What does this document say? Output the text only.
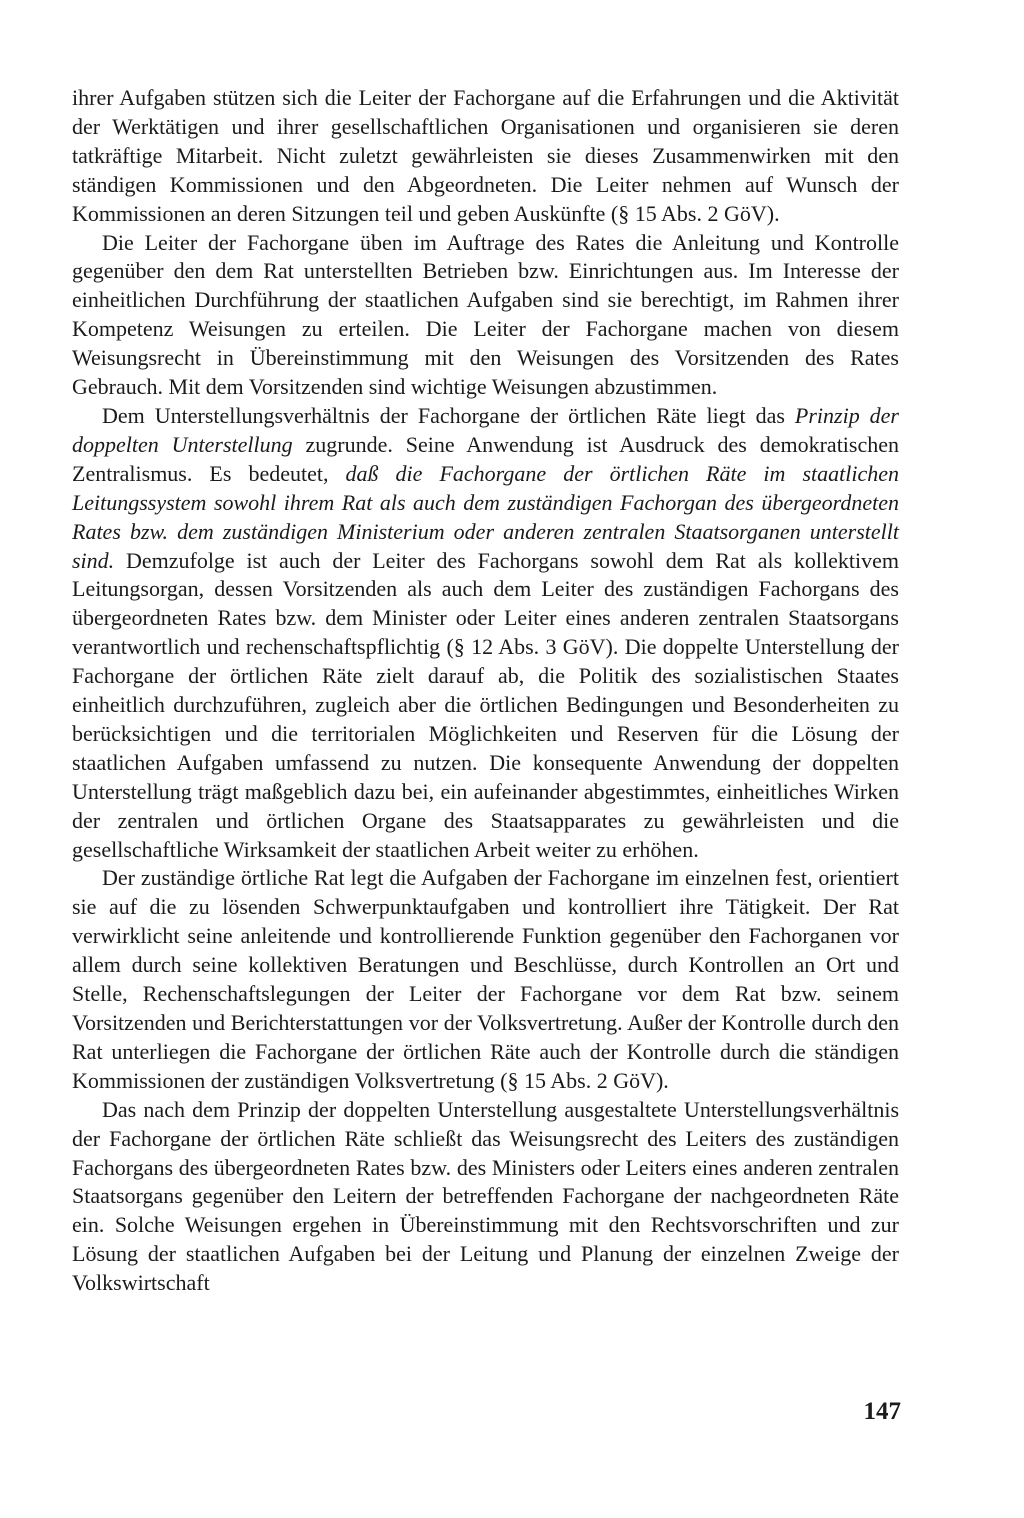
ihrer Aufgaben stützen sich die Leiter der Fachorgane auf die Erfahrungen und die Aktivität der Werktätigen und ihrer gesellschaftlichen Organisationen und organisieren sie deren tatkräftige Mitarbeit. Nicht zuletzt gewährleisten sie dieses Zusammenwirken mit den ständigen Kommissionen und den Abgeordneten. Die Leiter nehmen auf Wunsch der Kommissionen an deren Sitzungen teil und geben Auskünfte (§ 15 Abs. 2 GöV).

Die Leiter der Fachorgane üben im Auftrage des Rates die Anleitung und Kontrolle gegenüber den dem Rat unterstellten Betrieben bzw. Einrichtungen aus. Im Interesse der einheitlichen Durchführung der staatlichen Aufgaben sind sie berechtigt, im Rahmen ihrer Kompetenz Weisungen zu erteilen. Die Leiter der Fachorgane machen von diesem Weisungsrecht in Übereinstimmung mit den Weisungen des Vorsitzenden des Rates Gebrauch. Mit dem Vorsitzenden sind wichtige Weisungen abzustimmen.

Dem Unterstellungsverhältnis der Fachorgane der örtlichen Räte liegt das Prinzip der doppelten Unterstellung zugrunde. Seine Anwendung ist Ausdruck des demokratischen Zentralismus. Es bedeutet, daß die Fachorgane der örtlichen Räte im staatlichen Leitungssystem sowohl ihrem Rat als auch dem zuständigen Fachorgan des übergeordneten Rates bzw. dem zuständigen Ministerium oder anderen zentralen Staatsorganen unterstellt sind. Demzufolge ist auch der Leiter des Fachorgans sowohl dem Rat als kollektivem Leitungsorgan, dessen Vorsitzenden als auch dem Leiter des zuständigen Fachorgans des übergeordneten Rates bzw. dem Minister oder Leiter eines anderen zentralen Staatsorgans verantwortlich und rechenschaftspflichtig (§ 12 Abs. 3 GöV). Die doppelte Unterstellung der Fachorgane der örtlichen Räte zielt darauf ab, die Politik des sozialistischen Staates einheitlich durchzuführen, zugleich aber die örtlichen Bedingungen und Besonderheiten zu berücksichtigen und die territorialen Möglichkeiten und Reserven für die Lösung der staatlichen Aufgaben umfassend zu nutzen. Die konsequente Anwendung der doppelten Unterstellung trägt maßgeblich dazu bei, ein aufeinander abgestimmtes, einheitliches Wirken der zentralen und örtlichen Organe des Staatsapparates zu gewährleisten und die gesellschaftliche Wirksamkeit der staatlichen Arbeit weiter zu erhöhen.

Der zuständige örtliche Rat legt die Aufgaben der Fachorgane im einzelnen fest, orientiert sie auf die zu lösenden Schwerpunktaufgaben und kontrolliert ihre Tätigkeit. Der Rat verwirklicht seine anleitende und kontrollierende Funktion gegenüber den Fachorganen vor allem durch seine kollektiven Beratungen und Beschlüsse, durch Kontrollen an Ort und Stelle, Rechenschaftslegungen der Leiter der Fachorgane vor dem Rat bzw. seinem Vorsitzenden und Berichterstattungen vor der Volksvertretung. Außer der Kontrolle durch den Rat unterliegen die Fachorgane der örtlichen Räte auch der Kontrolle durch die ständigen Kommissionen der zuständigen Volksvertretung (§ 15 Abs. 2 GöV).

Das nach dem Prinzip der doppelten Unterstellung ausgestaltete Unterstellungsverhältnis der Fachorgane der örtlichen Räte schließt das Weisungsrecht des Leiters des zuständigen Fachorgans des übergeordneten Rates bzw. des Ministers oder Leiters eines anderen zentralen Staatsorgans gegenüber den Leitern der betreffenden Fachorgane der nachgeordneten Räte ein. Solche Weisungen ergehen in Übereinstimmung mit den Rechtsvorschriften und zur Lösung der staatlichen Aufgaben bei der Leitung und Planung der einzelnen Zweige der Volkswirtschaft

147
